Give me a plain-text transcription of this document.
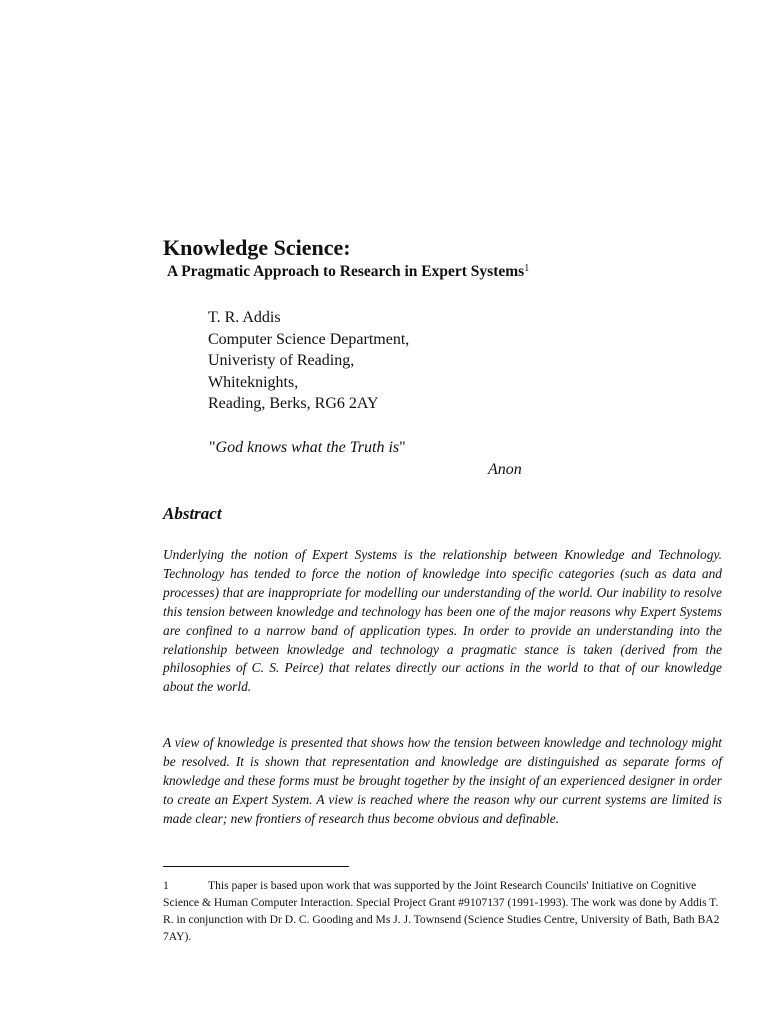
Knowledge Science:
A Pragmatic Approach to Research in Expert Systems$^1$
T. R. Addis
Computer Science Department,
Univeristy of Reading,
Whiteknights,
Reading, Berks, RG6 2AY
"God knows what the Truth is"
Anon
Abstract

Underlying the notion of Expert Systems is the relationship between Knowledge and Technology. Technology has tended to force the notion of knowledge into specific categories (such as data and processes) that are inappropriate for modelling our understanding of the world. Our inability to resolve this tension between knowledge and technology has been one of the major reasons why Expert Systems are confined to a narrow band of application types. In order to provide an understanding into the relationship between knowledge and technology a pragmatic stance is taken (derived from the philosophies of C. S. Peirce) that relates directly our actions in the world to that of our knowledge about the world.

A view of knowledge is presented that shows how the tension between knowledge and technology might be resolved. It is shown that representation and knowledge are distinguished as separate forms of knowledge and these forms must be brought together by the insight of an experienced designer in order to create an Expert System. A view is reached where the reason why our current systems are limited is made clear; new frontiers of research thus become obvious and definable.

1	This paper is based upon work that was supported by the Joint Research Councils' Initiative on Cognitive Science & Human Computer Interaction. Special Project Grant #9107137 (1991-1993). The work was done by Addis T. R. in conjunction with Dr D. C. Gooding and Ms J. J. Townsend (Science Studies Centre, University of Bath, Bath BA2 7AY).
